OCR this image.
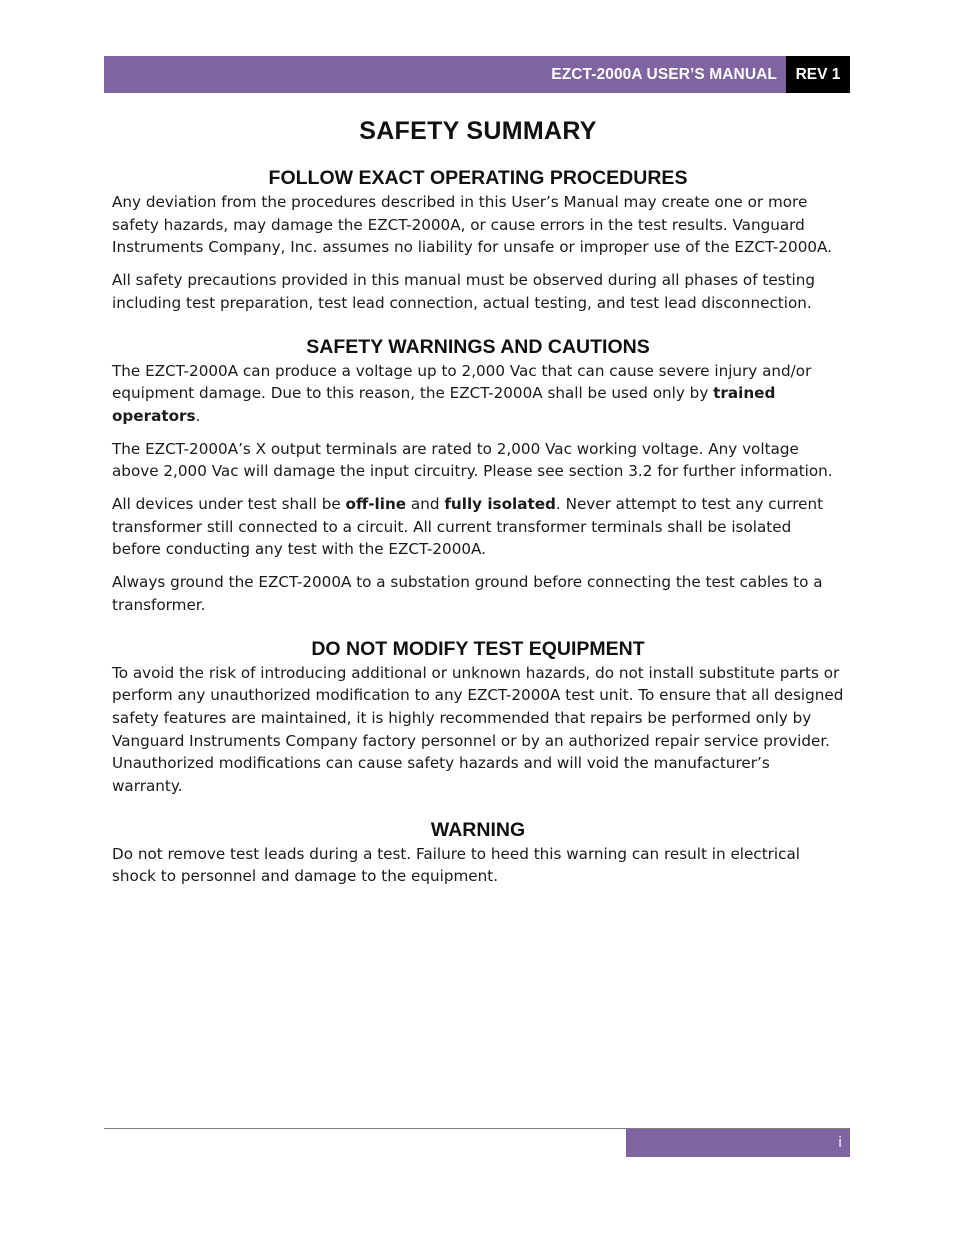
EZCT-2000A USER’S MANUAL	REV 1
SAFETY SUMMARY
FOLLOW EXACT OPERATING PROCEDURES

Any deviation from the procedures described in this User’s Manual may create one or more safety hazards, may damage the EZCT-2000A, or cause errors in the test results. Vanguard Instruments Company, Inc. assumes no liability for unsafe or improper use of the EZCT-2000A.

All safety precautions provided in this manual must be observed during all phases of testing including test preparation, test lead connection, actual testing, and test lead disconnection.

SAFETY WARNINGS AND CAUTIONS

The EZCT-2000A can produce a voltage up to 2,000 Vac that can cause severe injury and/or equipment damage. Due to this reason, the EZCT-2000A shall be used only by trained operators.

The EZCT-2000A’s X output terminals are rated to 2,000 Vac working voltage. Any voltage above 2,000 Vac will damage the input circuitry. Please see section 3.2 for further information.

All devices under test shall be off-line and fully isolated. Never attempt to test any current transformer still connected to a circuit. All current transformer terminals shall be isolated before conducting any test with the EZCT-2000A.

Always ground the EZCT-2000A to a substation ground before connecting the test cables to a transformer.

DO NOT MODIFY TEST EQUIPMENT

To avoid the risk of introducing additional or unknown hazards, do not install substitute parts or perform any unauthorized modification to any EZCT-2000A test unit. To ensure that all designed safety features are maintained, it is highly recommended that repairs be performed only by Vanguard Instruments Company factory personnel or by an authorized repair service provider. Unauthorized modifications can cause safety hazards and will void the manufacturer’s warranty.

WARNING

Do not remove test leads during a test. Failure to heed this warning can result in electrical shock to personnel and damage to the equipment.

i
